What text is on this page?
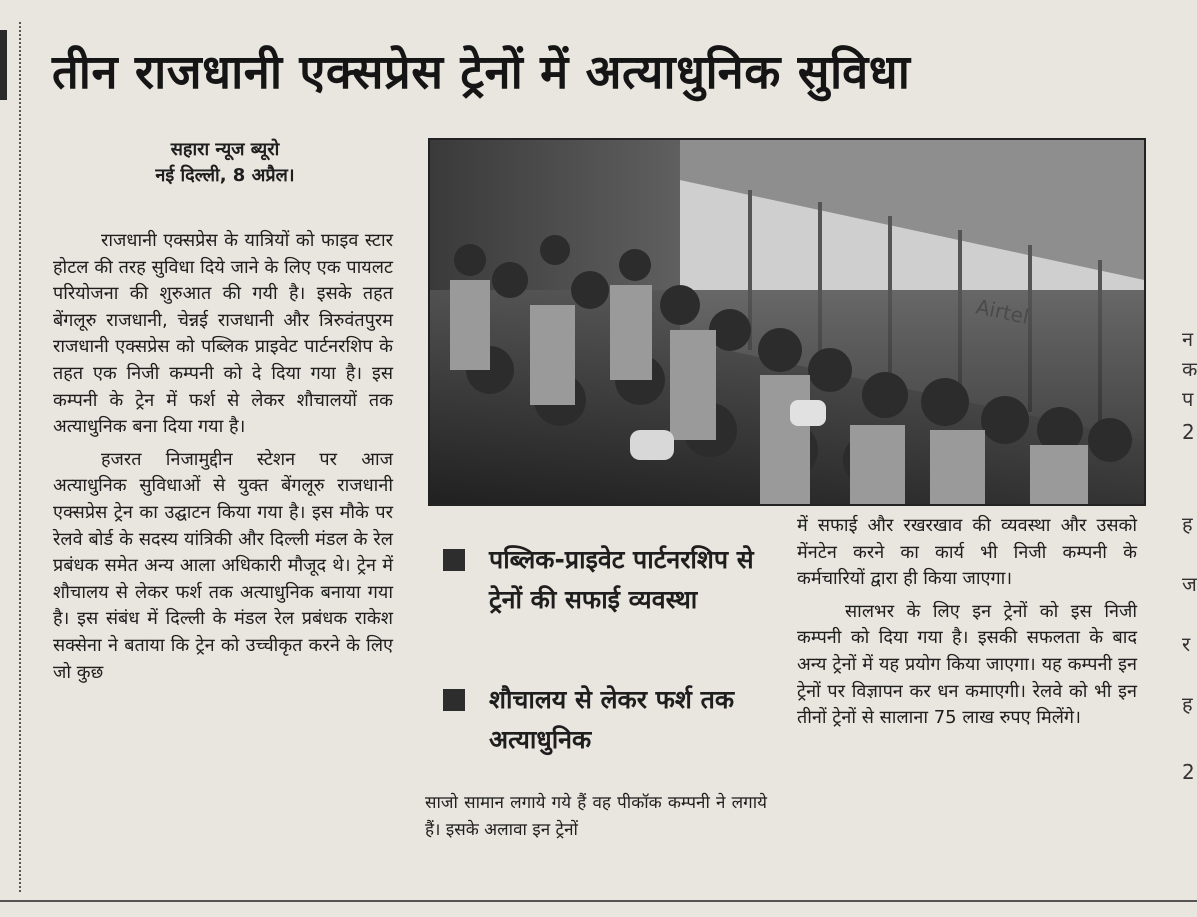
तीन राजधानी एक्सप्रेस ट्रेनों में अत्याधुनिक सुविधा
सहारा न्यूज ब्यूरो
नई दिल्ली, 8 अप्रैल।

राजधानी एक्सप्रेस के यात्रियों को फाइव स्टार होटल की तरह सुविधा दिये जाने के लिए एक पायलट परियोजना की शुरुआत की गयी है। इसके तहत बेंगलूरु राजधानी, चेन्नई राजधानी और त्रिरुवंतपुरम राजधानी एक्सप्रेस को पब्लिक प्राइवेट पार्टनरशिप के तहत एक निजी कम्पनी को दे दिया गया है। इस कम्पनी के ट्रेन में फर्श से लेकर शौचालयों तक अत्याधुनिक बना दिया गया है।

हजरत निजामुद्दीन स्टेशन पर आज अत्याधुनिक सुविधाओं से युक्त बेंगलूरु राजधानी एक्सप्रेस ट्रेन का उद्घाटन किया गया है। इस मौके पर रेलवे बोर्ड के सदस्य यांत्रिकी और दिल्ली मंडल के रेल प्रबंधक समेत अन्य आला अधिकारी मौजूद थे। ट्रेन में शौचालय से लेकर फर्श तक अत्याधुनिक बनाया गया है। इस संबंध में दिल्ली के मंडल रेल प्रबंधक राकेश सक्सेना ने बताया कि ट्रेन को उच्चीकृत करने के लिए जो कुछ

Airtel
पब्लिक-प्राइवेट पार्टनरशिप से ट्रेनों की सफाई व्यवस्था
शौचालय से लेकर फर्श तक अत्याधुनिक

साजो सामान लगाये गये हैं वह पीकॉक कम्पनी ने लगाये हैं। इसके अलावा इन ट्रेनों

में सफाई और रखरखाव की व्यवस्था और उसको मेंनटेन करने का कार्य भी निजी कम्पनी के कर्मचारियों द्वारा ही किया जाएगा।

सालभर के लिए इन ट्रेनों को इस निजी कम्पनी को दिया गया है। इसकी सफलता के बाद अन्य ट्रेनों में यह प्रयोग किया जाएगा। यह कम्पनी इन ट्रेनों पर विज्ञापन कर धन कमाएगी। रेलवे को भी इन तीनों ट्रेनों से सालाना 75 लाख रुपए मिलेंगे।

न
क
प
2
ह
ज
र
ह
2
